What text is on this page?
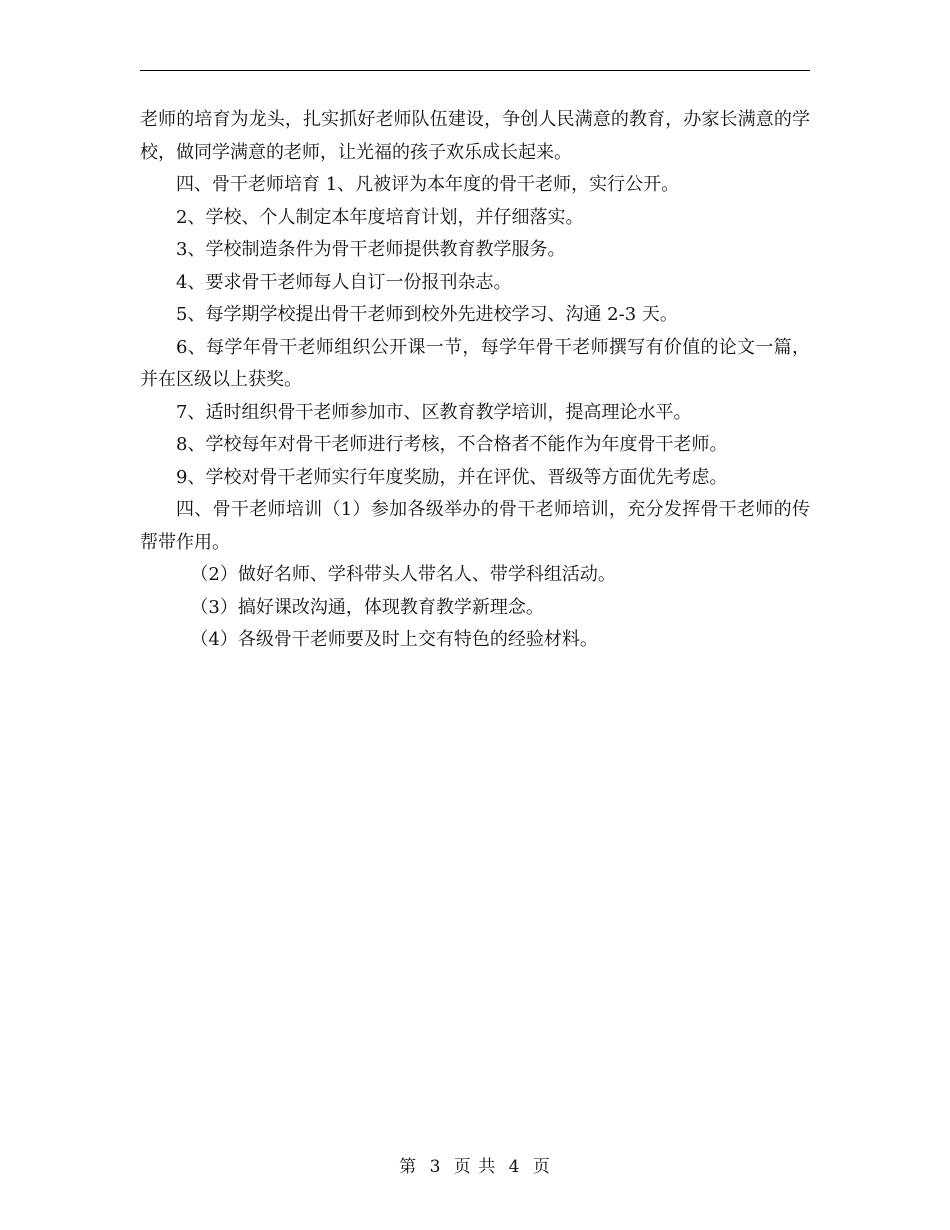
老师的培育为龙头，扎实抓好老师队伍建设，争创人民满意的教育，办家长满意的学校，做同学满意的老师，让光福的孩子欢乐成长起来。

四、骨干老师培育 1、凡被评为本年度的骨干老师，实行公开。

2、学校、个人制定本年度培育计划，并仔细落实。

3、学校制造条件为骨干老师提供教育教学服务。

4、要求骨干老师每人自订一份报刊杂志。

5、每学期学校提出骨干老师到校外先进校学习、沟通 2-3 天。

6、每学年骨干老师组织公开课一节，每学年骨干老师撰写有价值的论文一篇，并在区级以上获奖。

7、适时组织骨干老师参加市、区教育教学培训，提高理论水平。

8、学校每年对骨干老师进行考核，不合格者不能作为年度骨干老师。

9、学校对骨干老师实行年度奖励，并在评优、晋级等方面优先考虑。

四、骨干老师培训（1）参加各级举办的骨干老师培训，充分发挥骨干老师的传帮带作用。

（2）做好名师、学科带头人带名人、带学科组活动。

（3）搞好课改沟通，体现教育教学新理念。

（4）各级骨干老师要及时上交有特色的经验材料。

第 3 页 共 4 页
